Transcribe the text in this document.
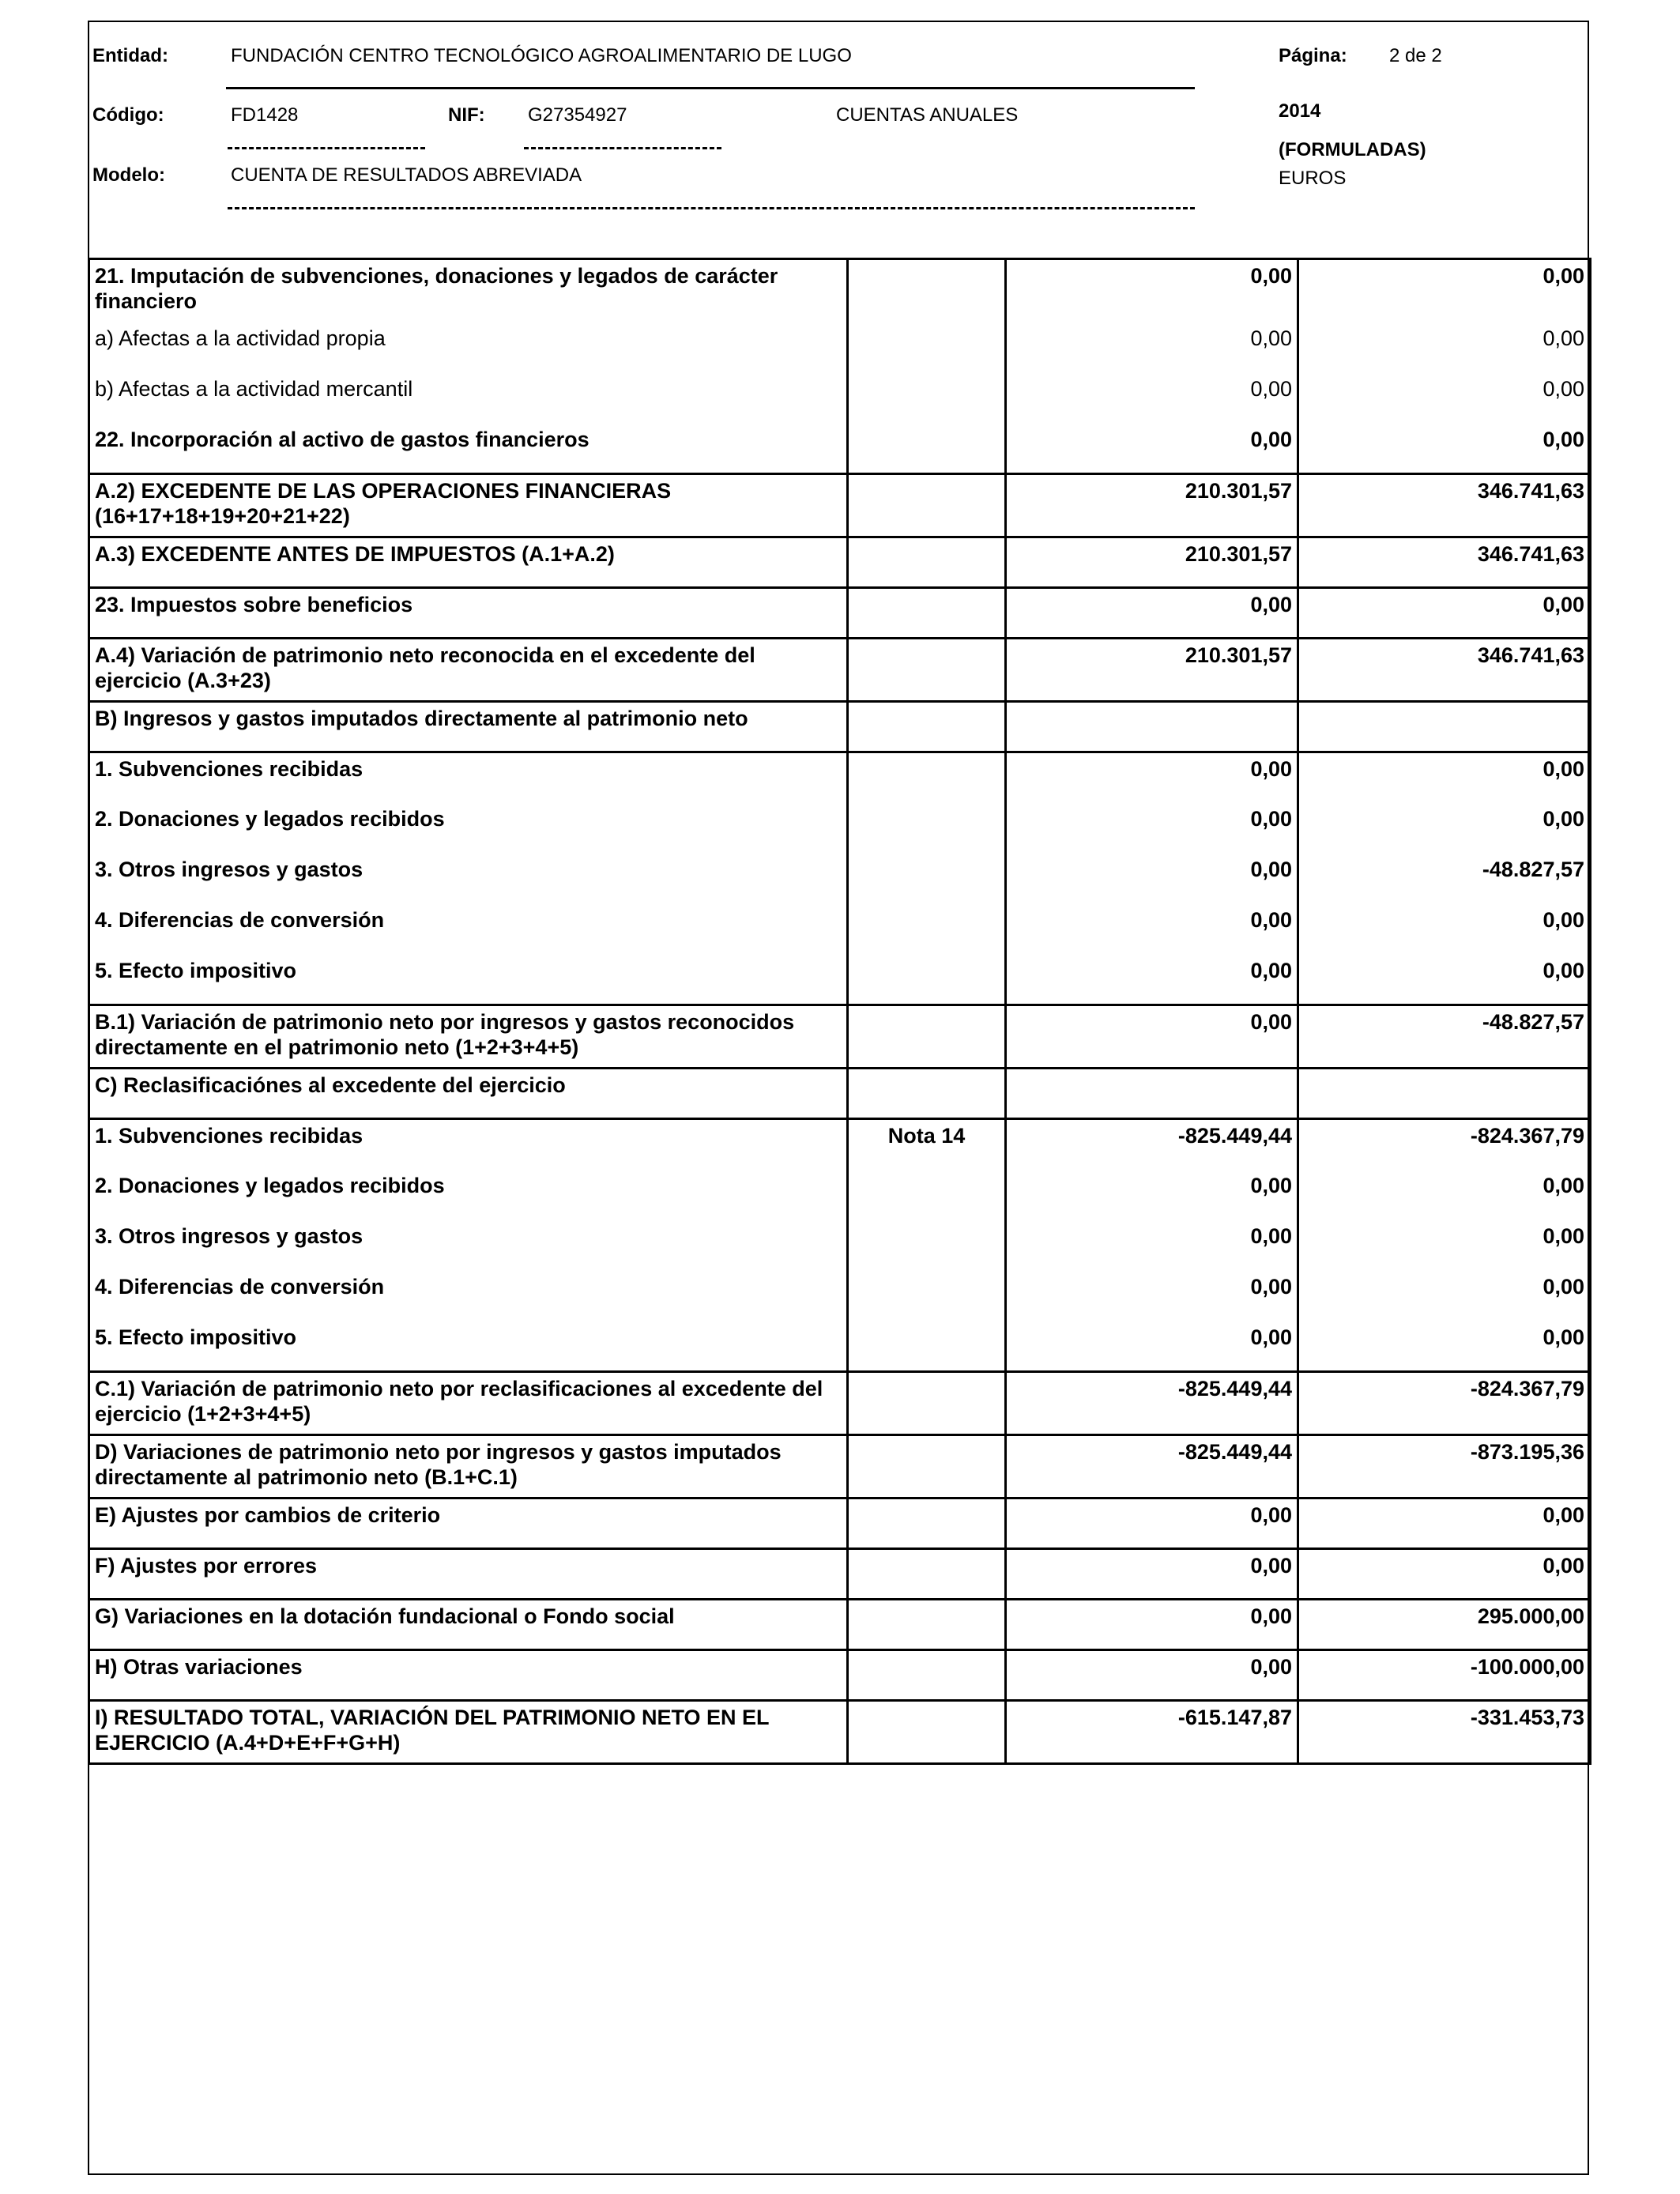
Entidad:	FUNDACIÓN CENTRO TECNOLÓGICO AGROALIMENTARIO DE LUGO	Página: 2 de 2
Código:	FD1428	NIF: G27354927	CUENTAS ANUALES	2014
(FORMULADAS)
Modelo:	CUENTA DE RESULTADOS ABREVIADA	EUROS
21. Imputación de subvenciones, donaciones y legados de carácter financiero		0,00	0,00
a) Afectas a la actividad propia		0,00	0,00
b) Afectas a la actividad mercantil		0,00	0,00
22. Incorporación al activo de gastos financieros		0,00	0,00
A.2) EXCEDENTE DE LAS OPERACIONES FINANCIERAS (16+17+18+19+20+21+22)		210.301,57	346.741,63
A.3) EXCEDENTE ANTES DE IMPUESTOS (A.1+A.2)		210.301,57	346.741,63
23. Impuestos sobre beneficios		0,00	0,00
A.4) Variación de patrimonio neto reconocida en el excedente del ejercicio (A.3+23)		210.301,57	346.741,63
B) Ingresos y gastos imputados directamente al patrimonio neto			
1. Subvenciones recibidas		0,00	0,00
2. Donaciones y legados recibidos		0,00	0,00
3. Otros ingresos y gastos		0,00	-48.827,57
4. Diferencias de conversión		0,00	0,00
5. Efecto impositivo		0,00	0,00
B.1) Variación de patrimonio neto por ingresos y gastos reconocidos directamente en el patrimonio neto (1+2+3+4+5)		0,00	-48.827,57
C) Reclasificaciónes al excedente del ejercicio			
1. Subvenciones recibidas	Nota 14	-825.449,44	-824.367,79
2. Donaciones y legados recibidos		0,00	0,00
3. Otros ingresos y gastos		0,00	0,00
4. Diferencias de conversión		0,00	0,00
5. Efecto impositivo		0,00	0,00
C.1) Variación de patrimonio neto por reclasificaciones al excedente del ejercicio (1+2+3+4+5)		-825.449,44	-824.367,79
D) Variaciones de patrimonio neto por ingresos y gastos imputados directamente al patrimonio neto (B.1+C.1)		-825.449,44	-873.195,36
E) Ajustes por cambios de criterio		0,00	0,00
F) Ajustes por errores		0,00	0,00
G) Variaciones en la dotación fundacional o Fondo social		0,00	295.000,00
H) Otras variaciones		0,00	-100.000,00
I) RESULTADO TOTAL, VARIACIÓN DEL PATRIMONIO NETO EN EL EJERCICIO (A.4+D+E+F+G+H)		-615.147,87	-331.453,73
